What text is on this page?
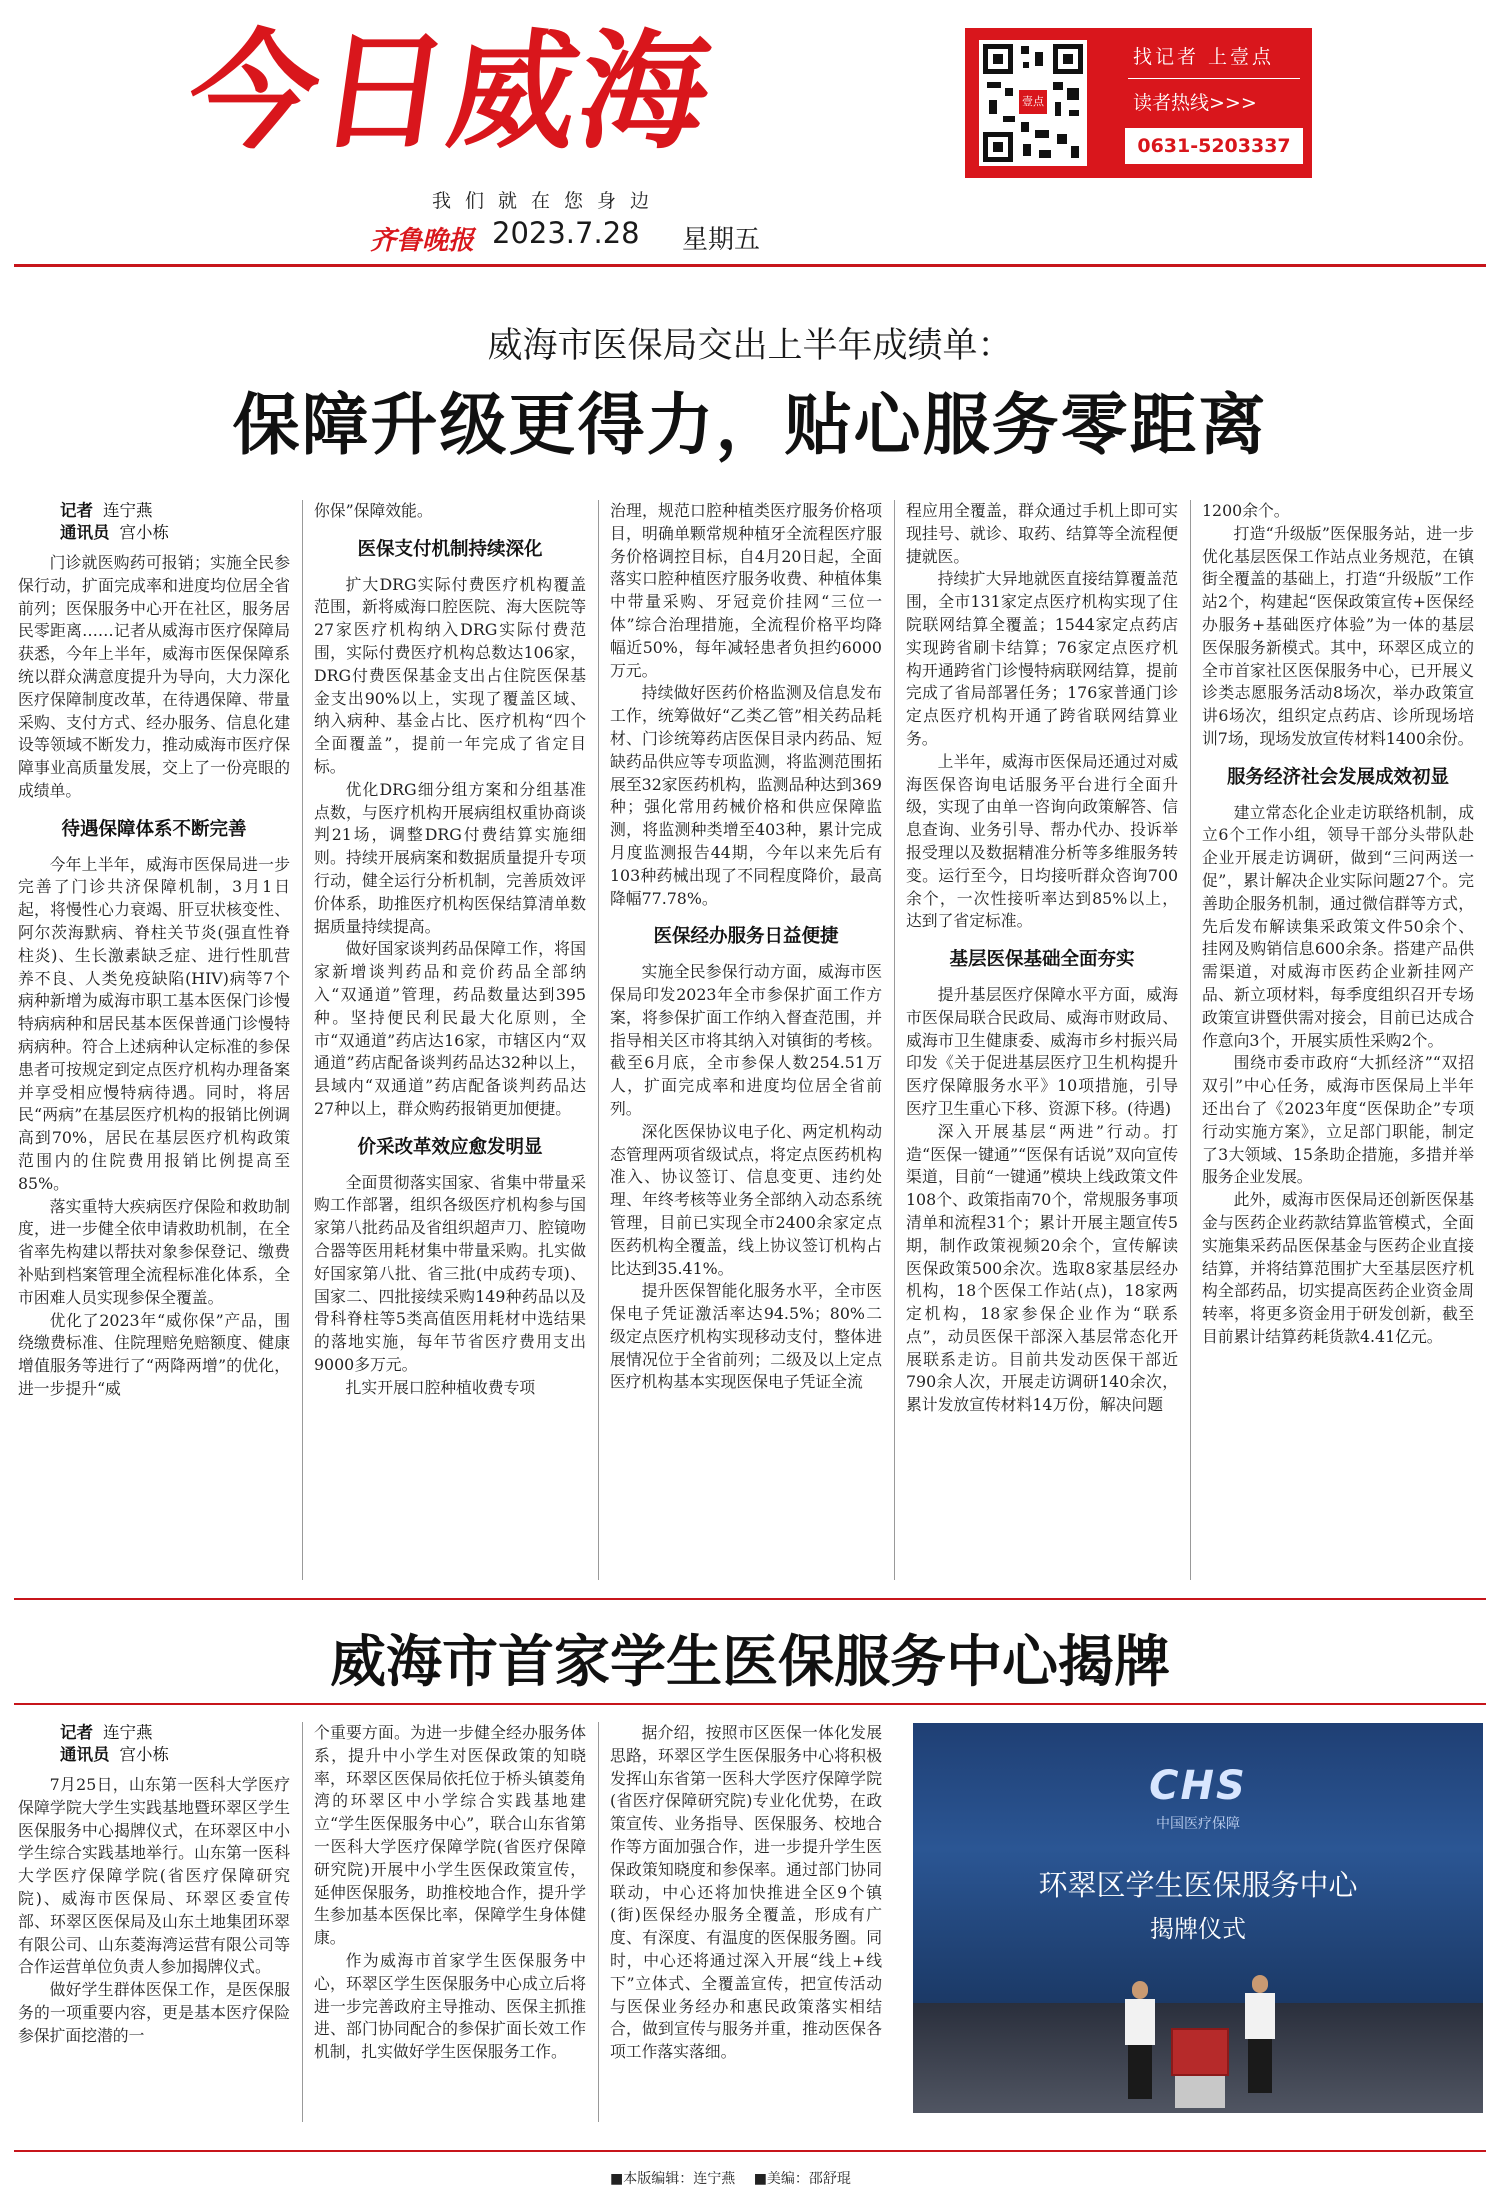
今日威海
我们就在您身边
齐鲁晚报 2023.7.28 星期五
壹点
找记者 上壹点
读者热线>>>
0631-5203337
威海市医保局交出上半年成绩单：
保障升级更得力，贴心服务零距离
记者 连宁燕
通讯员 宫小栋

门诊就医购药可报销；实施全民参保行动，扩面完成率和进度均位居全省前列；医保服务中心开在社区，服务居民零距离……记者从威海市医疗保障局获悉，今年上半年，威海市医保保障系统以群众满意度提升为导向，大力深化医疗保障制度改革，在待遇保障、带量采购、支付方式、经办服务、信息化建设等领域不断发力，推动威海市医疗保障事业高质量发展，交上了一份亮眼的成绩单。

待遇保障体系不断完善

今年上半年，威海市医保局进一步完善了门诊共济保障机制，3月1日起，将慢性心力衰竭、肝豆状核变性、阿尔茨海默病、脊柱关节炎(强直性脊柱炎)、生长激素缺乏症、进行性肌营养不良、人类免疫缺陷(HIV)病等7个病种新增为威海市职工基本医保门诊慢特病病种和居民基本医保普通门诊慢特病病种。符合上述病种认定标准的参保患者可按规定到定点医疗机构办理备案并享受相应慢特病待遇。同时，将居民“两病”在基层医疗机构的报销比例调高到70%，居民在基层医疗机构政策范围内的住院费用报销比例提高至85%。

落实重特大疾病医疗保险和救助制度，进一步健全依申请救助机制，在全省率先构建以帮扶对象参保登记、缴费补贴到档案管理全流程标准化体系，全市困难人员实现参保全覆盖。

优化了2023年“威你保”产品，围绕缴费标准、住院理赔免赔额度、健康增值服务等进行了“两降两增”的优化，进一步提升“威

你保”保障效能。

医保支付机制持续深化

扩大DRG实际付费医疗机构覆盖范围，新将威海口腔医院、海大医院等27家医疗机构纳入DRG实际付费范围，实际付费医疗机构总数达106家，DRG付费医保基金支出占住院医保基金支出90%以上，实现了覆盖区域、纳入病种、基金占比、医疗机构“四个全面覆盖”，提前一年完成了省定目标。

优化DRG细分组方案和分组基准点数，与医疗机构开展病组权重协商谈判21场，调整DRG付费结算实施细则。持续开展病案和数据质量提升专项行动，健全运行分析机制，完善质效评价体系，助推医疗机构医保结算清单数据质量持续提高。

做好国家谈判药品保障工作，将国家新增谈判药品和竞价药品全部纳入“双通道”管理，药品数量达到395种。坚持便民利民最大化原则，全市“双通道”药店达16家，市辖区内“双通道”药店配备谈判药品达32种以上，县域内“双通道”药店配备谈判药品达27种以上，群众购药报销更加便捷。

价采改革效应愈发明显

全面贯彻落实国家、省集中带量采购工作部署，组织各级医疗机构参与国家第八批药品及省组织超声刀、腔镜吻合器等医用耗材集中带量采购。扎实做好国家第八批、省三批(中成药专项)、国家二、四批接续采购149种药品以及骨科脊柱等5类高值医用耗材中选结果的落地实施，每年节省医疗费用支出9000多万元。

扎实开展口腔种植收费专项

治理，规范口腔种植类医疗服务价格项目，明确单颗常规种植牙全流程医疗服务价格调控目标，自4月20日起，全面落实口腔种植医疗服务收费、种植体集中带量采购、牙冠竞价挂网“三位一体”综合治理措施，全流程价格平均降幅近50%，每年减轻患者负担约6000万元。

持续做好医药价格监测及信息发布工作，统筹做好“乙类乙管”相关药品耗材、门诊统筹药店医保目录内药品、短缺药品供应等专项监测，将监测范围拓展至32家医药机构，监测品种达到369种；强化常用药械价格和供应保障监测，将监测种类增至403种，累计完成月度监测报告44期，今年以来先后有103种药械出现了不同程度降价，最高降幅77.78%。

医保经办服务日益便捷

实施全民参保行动方面，威海市医保局印发2023年全市参保扩面工作方案，将参保扩面工作纳入督查范围，并指导相关区市将其纳入对镇街的考核。截至6月底，全市参保人数254.51万人，扩面完成率和进度均位居全省前列。

深化医保协议电子化、两定机构动态管理两项省级试点，将定点医药机构准入、协议签订、信息变更、违约处理、年终考核等业务全部纳入动态系统管理，目前已实现全市2400余家定点医药机构全覆盖，线上协议签订机构占比达到35.41%。

提升医保智能化服务水平，全市医保电子凭证激活率达94.5%；80%二级定点医疗机构实现移动支付，整体进展情况位于全省前列；二级及以上定点医疗机构基本实现医保电子凭证全流

程应用全覆盖，群众通过手机上即可实现挂号、就诊、取药、结算等全流程便捷就医。

持续扩大异地就医直接结算覆盖范围，全市131家定点医疗机构实现了住院联网结算全覆盖；1544家定点药店实现跨省刷卡结算；76家定点医疗机构开通跨省门诊慢特病联网结算，提前完成了省局部署任务；176家普通门诊定点医疗机构开通了跨省联网结算业务。

上半年，威海市医保局还通过对威海医保咨询电话服务平台进行全面升级，实现了由单一咨询向政策解答、信息查询、业务引导、帮办代办、投诉举报受理以及数据精准分析等多维服务转变。运行至今，日均接听群众咨询700余个，一次性接听率达到85%以上，达到了省定标准。

基层医保基础全面夯实

提升基层医疗保障水平方面，威海市医保局联合民政局、威海市财政局、威海市卫生健康委、威海市乡村振兴局印发《关于促进基层医疗卫生机构提升医疗保障服务水平》10项措施，引导医疗卫生重心下移、资源下移。(待遇)

深入开展基层“两进”行动。打造“医保一键通”“医保有话说”双向宣传渠道，目前“一键通”模块上线政策文件108个、政策指南70个，常规服务事项清单和流程31个；累计开展主题宣传5期，制作政策视频20余个，宣传解读医保政策500余次。选取8家基层经办机构，18个医保工作站(点)，18家两定机构，18家参保企业作为“联系点”，动员医保干部深入基层常态化开展联系走访。目前共发动医保干部近790余人次，开展走访调研140余次，累计发放宣传材料14万份，解决问题

1200余个。

打造“升级版”医保服务站，进一步优化基层医保工作站点业务规范，在镇街全覆盖的基础上，打造“升级版”工作站2个，构建起“医保政策宣传+医保经办服务+基础医疗体验”为一体的基层医保服务新模式。其中，环翠区成立的全市首家社区医保服务中心，已开展义诊类志愿服务活动8场次，举办政策宣讲6场次，组织定点药店、诊所现场培训7场，现场发放宣传材料1400余份。

服务经济社会发展成效初显

建立常态化企业走访联络机制，成立6个工作小组，领导干部分头带队赴企业开展走访调研，做到“三问两送一促”，累计解决企业实际问题27个。完善助企服务机制，通过微信群等方式，先后发布解读集采政策文件50余个、挂网及购销信息600余条。搭建产品供需渠道，对威海市医药企业新挂网产品、新立项材料，每季度组织召开专场政策宣讲暨供需对接会，目前已达成合作意向3个，开展实质性采购2个。

围绕市委市政府“大抓经济”“双招双引”中心任务，威海市医保局上半年还出台了《2023年度“医保助企”专项行动实施方案》，立足部门职能，制定了3大领域、15条助企措施，多措并举服务企业发展。

此外，威海市医保局还创新医保基金与医药企业药款结算监管模式，全面实施集采药品医保基金与医药企业直接结算，并将结算范围扩大至基层医疗机构全部药品，切实提高医药企业资金周转率，将更多资金用于研发创新，截至目前累计结算药耗货款4.41亿元。

威海市首家学生医保服务中心揭牌
记者 连宁燕
通讯员 宫小栋

7月25日，山东第一医科大学医疗保障学院大学生实践基地暨环翠区学生医保服务中心揭牌仪式，在环翠区中小学生综合实践基地举行。山东第一医科大学医疗保障学院(省医疗保障研究院)、威海市医保局、环翠区委宣传部、环翠区医保局及山东土地集团环翠有限公司、山东菱海湾运营有限公司等合作运营单位负责人参加揭牌仪式。

做好学生群体医保工作，是医保服务的一项重要内容，更是基本医疗保险参保扩面挖潜的一

个重要方面。为进一步健全经办服务体系，提升中小学生对医保政策的知晓率，环翠区医保局依托位于桥头镇菱角湾的环翠区中小学综合实践基地建立“学生医保服务中心”，联合山东省第一医科大学医疗保障学院(省医疗保障研究院)开展中小学生医保政策宣传，延伸医保服务，助推校地合作，提升学生参加基本医保比率，保障学生身体健康。

作为威海市首家学生医保服务中心，环翠区学生医保服务中心成立后将进一步完善政府主导推动、医保主抓推进、部门协同配合的参保扩面长效工作机制，扎实做好学生医保服务工作。

据介绍，按照市区医保一体化发展思路，环翠区学生医保服务中心将积极发挥山东省第一医科大学医疗保障学院(省医疗保障研究院)专业化优势，在政策宣传、业务指导、医保服务、校地合作等方面加强合作，进一步提升学生医保政策知晓度和参保率。通过部门协同联动，中心还将加快推进全区9个镇(街)医保经办服务全覆盖，形成有广度、有深度、有温度的医保服务圈。同时，中心还将通过深入开展“线上+线下”立体式、全覆盖宣传，把宣传活动与医保业务经办和惠民政策落实相结合，做到宣传与服务并重，推动医保各项工作落实落细。

CHS
中国医疗保障
环翠区学生医保服务中心
揭牌仪式
■本版编辑：连宁燕 ■美编：邵舒琨
